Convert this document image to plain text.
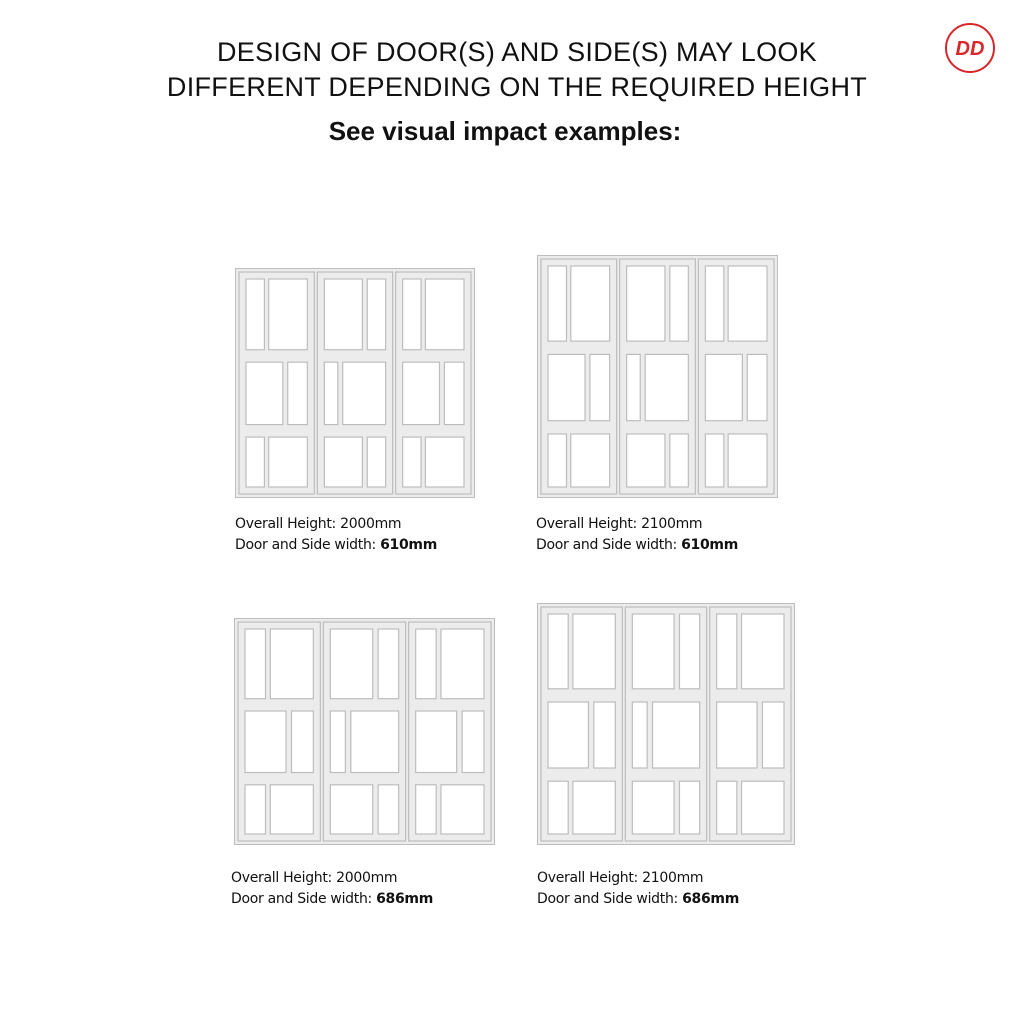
DESIGN OF DOOR(S) AND SIDE(S) MAY LOOK
DIFFERENT DEPENDING ON THE REQUIRED HEIGHT
See visual impact examples:
DD
Overall Height: 2000mm
Door and Side width: 610mm
Overall Height: 2100mm
Door and Side width: 610mm
Overall Height: 2000mm
Door and Side width: 686mm
Overall Height: 2100mm
Door and Side width: 686mm
